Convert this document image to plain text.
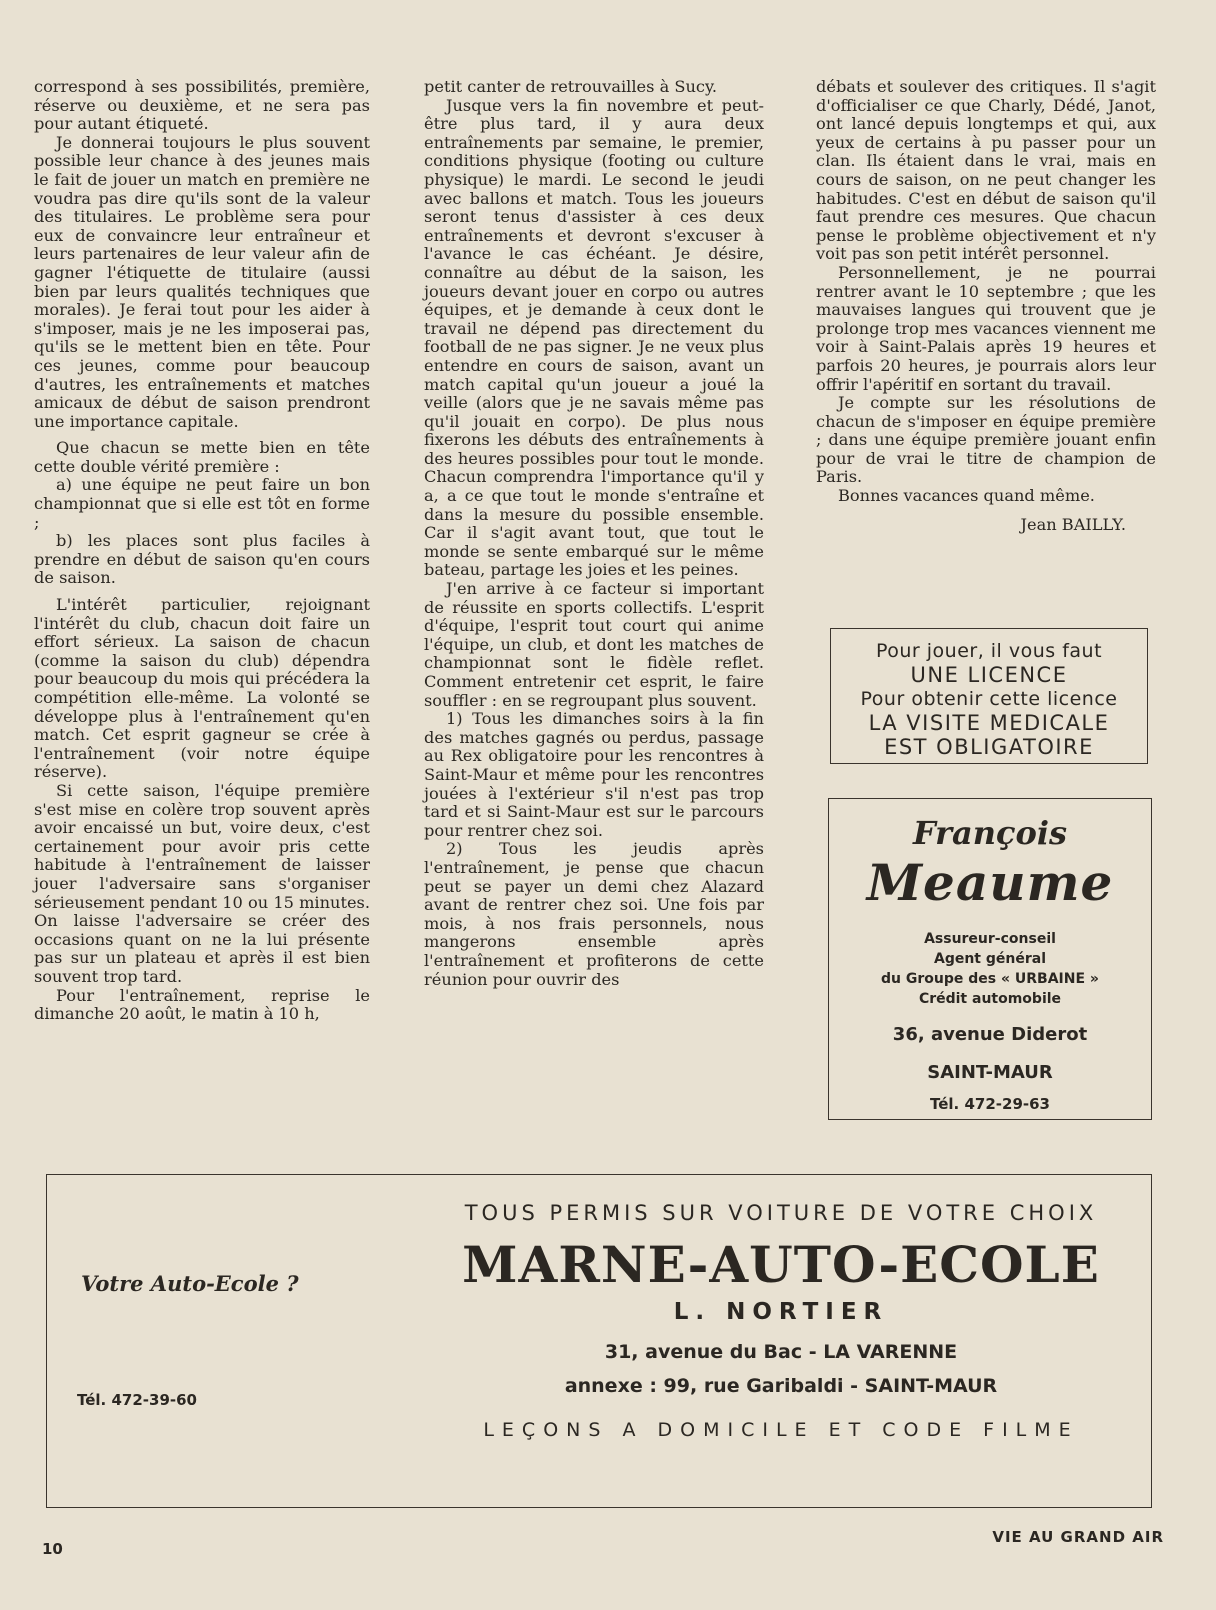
correspond à ses possibilités, première, réserve ou deuxième, et ne sera pas pour autant étiqueté.

Je donnerai toujours le plus souvent possible leur chance à des jeunes mais le fait de jouer un match en première ne voudra pas dire qu'ils sont de la valeur des titulaires. Le problème sera pour eux de convaincre leur entraîneur et leurs partenaires de leur valeur afin de gagner l'étiquette de titulaire (aussi bien par leurs qualités techniques que morales). Je ferai tout pour les aider à s'imposer, mais je ne les imposerai pas, qu'ils se le mettent bien en tête. Pour ces jeunes, comme pour beaucoup d'autres, les entraînements et matches amicaux de début de saison prendront une importance capitale.

Que chacun se mette bien en tête cette double vérité première :

a) une équipe ne peut faire un bon championnat que si elle est tôt en forme ;

b) les places sont plus faciles à prendre en début de saison qu'en cours de saison.

L'intérêt particulier, rejoignant l'intérêt du club, chacun doit faire un effort sérieux. La saison de chacun (comme la saison du club) dépendra pour beaucoup du mois qui précédera la compétition elle-même. La volonté se développe plus à l'entraînement qu'en match. Cet esprit gagneur se crée à l'entraînement (voir notre équipe réserve).

Si cette saison, l'équipe première s'est mise en colère trop souvent après avoir encaissé un but, voire deux, c'est certainement pour avoir pris cette habitude à l'entraînement de laisser jouer l'adversaire sans s'organiser sérieusement pendant 10 ou 15 minutes. On laisse l'adversaire se créer des occasions quant on ne la lui présente pas sur un plateau et après il est bien souvent trop tard.

Pour l'entraînement, reprise le dimanche 20 août, le matin à 10 h,

petit canter de retrouvailles à Sucy.

Jusque vers la fin novembre et peut-être plus tard, il y aura deux entraînements par semaine, le premier, conditions physique (footing ou culture physique) le mardi. Le second le jeudi avec ballons et match. Tous les joueurs seront tenus d'assister à ces deux entraînements et devront s'excuser à l'avance le cas échéant. Je désire, connaître au début de la saison, les joueurs devant jouer en corpo ou autres équipes, et je demande à ceux dont le travail ne dépend pas directement du football de ne pas signer. Je ne veux plus entendre en cours de saison, avant un match capital qu'un joueur a joué la veille (alors que je ne savais même pas qu'il jouait en corpo). De plus nous fixerons les débuts des entraînements à des heures possibles pour tout le monde. Chacun comprendra l'importance qu'il y a, a ce que tout le monde s'entraîne et dans la mesure du possible ensemble. Car il s'agit avant tout, que tout le monde se sente embarqué sur le même bateau, partage les joies et les peines.

J'en arrive à ce facteur si important de réussite en sports collectifs. L'esprit d'équipe, l'esprit tout court qui anime l'équipe, un club, et dont les matches de championnat sont le fidèle reflet. Comment entretenir cet esprit, le faire souffler : en se regroupant plus souvent.

1) Tous les dimanches soirs à la fin des matches gagnés ou perdus, passage au Rex obligatoire pour les rencontres à Saint-Maur et même pour les rencontres jouées à l'extérieur s'il n'est pas trop tard et si Saint-Maur est sur le parcours pour rentrer chez soi.

2) Tous les jeudis après l'entraînement, je pense que chacun peut se payer un demi chez Alazard avant de rentrer chez soi. Une fois par mois, à nos frais personnels, nous mangerons ensemble après l'entraînement et profiterons de cette réunion pour ouvrir des

débats et soulever des critiques. Il s'agit d'officialiser ce que Charly, Dédé, Janot, ont lancé depuis longtemps et qui, aux yeux de certains à pu passer pour un clan. Ils étaient dans le vrai, mais en cours de saison, on ne peut changer les habitudes. C'est en début de saison qu'il faut prendre ces mesures. Que chacun pense le problème objectivement et n'y voit pas son petit intérêt personnel.

Personnellement, je ne pourrai rentrer avant le 10 septembre ; que les mauvaises langues qui trouvent que je prolonge trop mes vacances viennent me voir à Saint-Palais après 19 heures et parfois 20 heures, je pourrais alors leur offrir l'apéritif en sortant du travail.

Je compte sur les résolutions de chacun de s'imposer en équipe première ; dans une équipe première jouant enfin pour de vrai le titre de champion de Paris.

Bonnes vacances quand même.

Jean BAILLY.

Pour jouer, il vous faut
UNE LICENCE
Pour obtenir cette licence
LA VISITE MEDICALE
EST OBLIGATOIRE
François
Meaume
Assureur-conseil
Agent général
du Groupe des « URBAINE »
Crédit automobile
36, avenue Diderot
SAINT-MAUR
Tél. 472-29-63
Votre Auto-Ecole ?
Tél. 472-39-60
TOUS PERMIS SUR VOITURE DE VOTRE CHOIX
MARNE-AUTO-ECOLE
L. NORTIER
31, avenue du Bac - LA VARENNE
annexe : 99, rue Garibaldi - SAINT-MAUR
LEÇONS A DOMICILE ET CODE FILME
10
VIE AU GRAND AIR
